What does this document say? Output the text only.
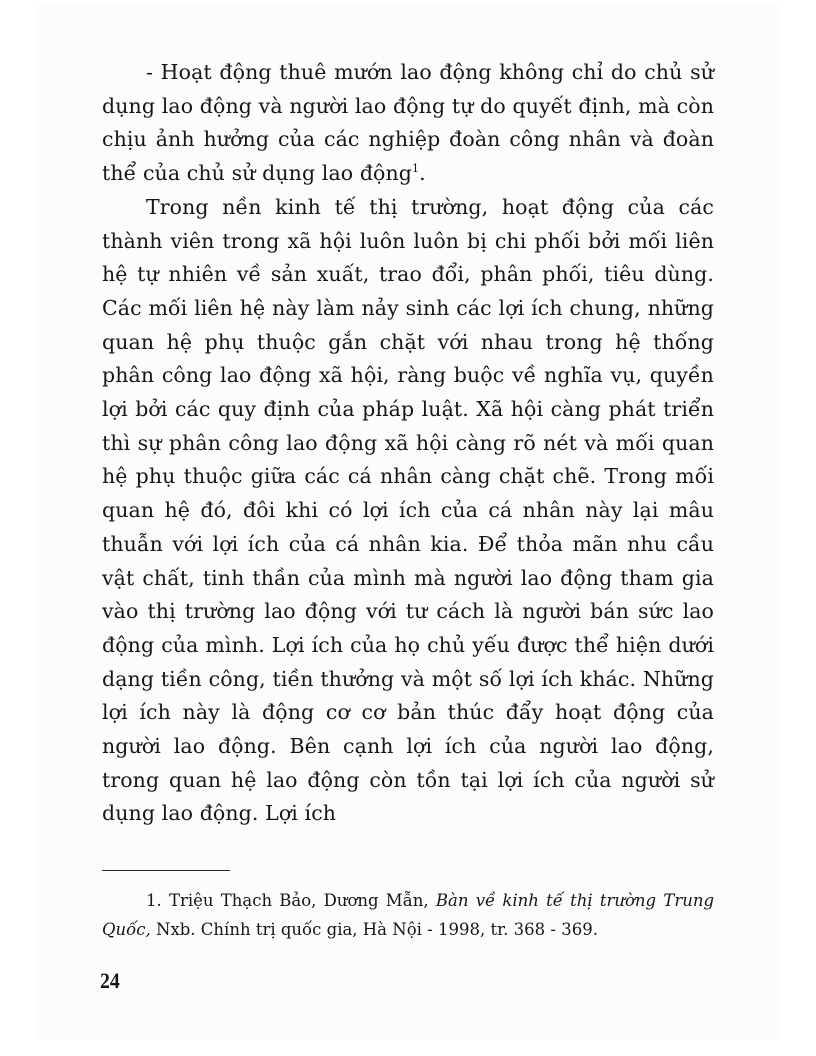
- Hoạt động thuê mướn lao động không chỉ do chủ sử dụng lao động và người lao động tự do quyết định, mà còn chịu ảnh hưởng của các nghiệp đoàn công nhân và đoàn thể của chủ sử dụng lao động$^1$.

Trong nền kinh tế thị trường, hoạt động của các thành viên trong xã hội luôn luôn bị chi phối bởi mối liên hệ tự nhiên về sản xuất, trao đổi, phân phối, tiêu dùng. Các mối liên hệ này làm nảy sinh các lợi ích chung, những quan hệ phụ thuộc gắn chặt với nhau trong hệ thống phân công lao động xã hội, ràng buộc về nghĩa vụ, quyền lợi bởi các quy định của pháp luật. Xã hội càng phát triển thì sự phân công lao động xã hội càng rõ nét và mối quan hệ phụ thuộc giữa các cá nhân càng chặt chẽ. Trong mối quan hệ đó, đôi khi có lợi ích của cá nhân này lại mâu thuẫn với lợi ích của cá nhân kia. Để thỏa mãn nhu cầu vật chất, tinh thần của mình mà người lao động tham gia vào thị trường lao động với tư cách là người bán sức lao động của mình. Lợi ích của họ chủ yếu được thể hiện dưới dạng tiền công, tiền thưởng và một số lợi ích khác. Những lợi ích này là động cơ cơ bản thúc đẩy hoạt động của người lao động. Bên cạnh lợi ích của người lao động, trong quan hệ lao động còn tồn tại lợi ích của người sử dụng lao động. Lợi ích

1. Triệu Thạch Bảo, Dương Mẫn, Bàn về kinh tế thị trường Trung Quốc, Nxb. Chính trị quốc gia, Hà Nội - 1998, tr. 368 - 369.

24
